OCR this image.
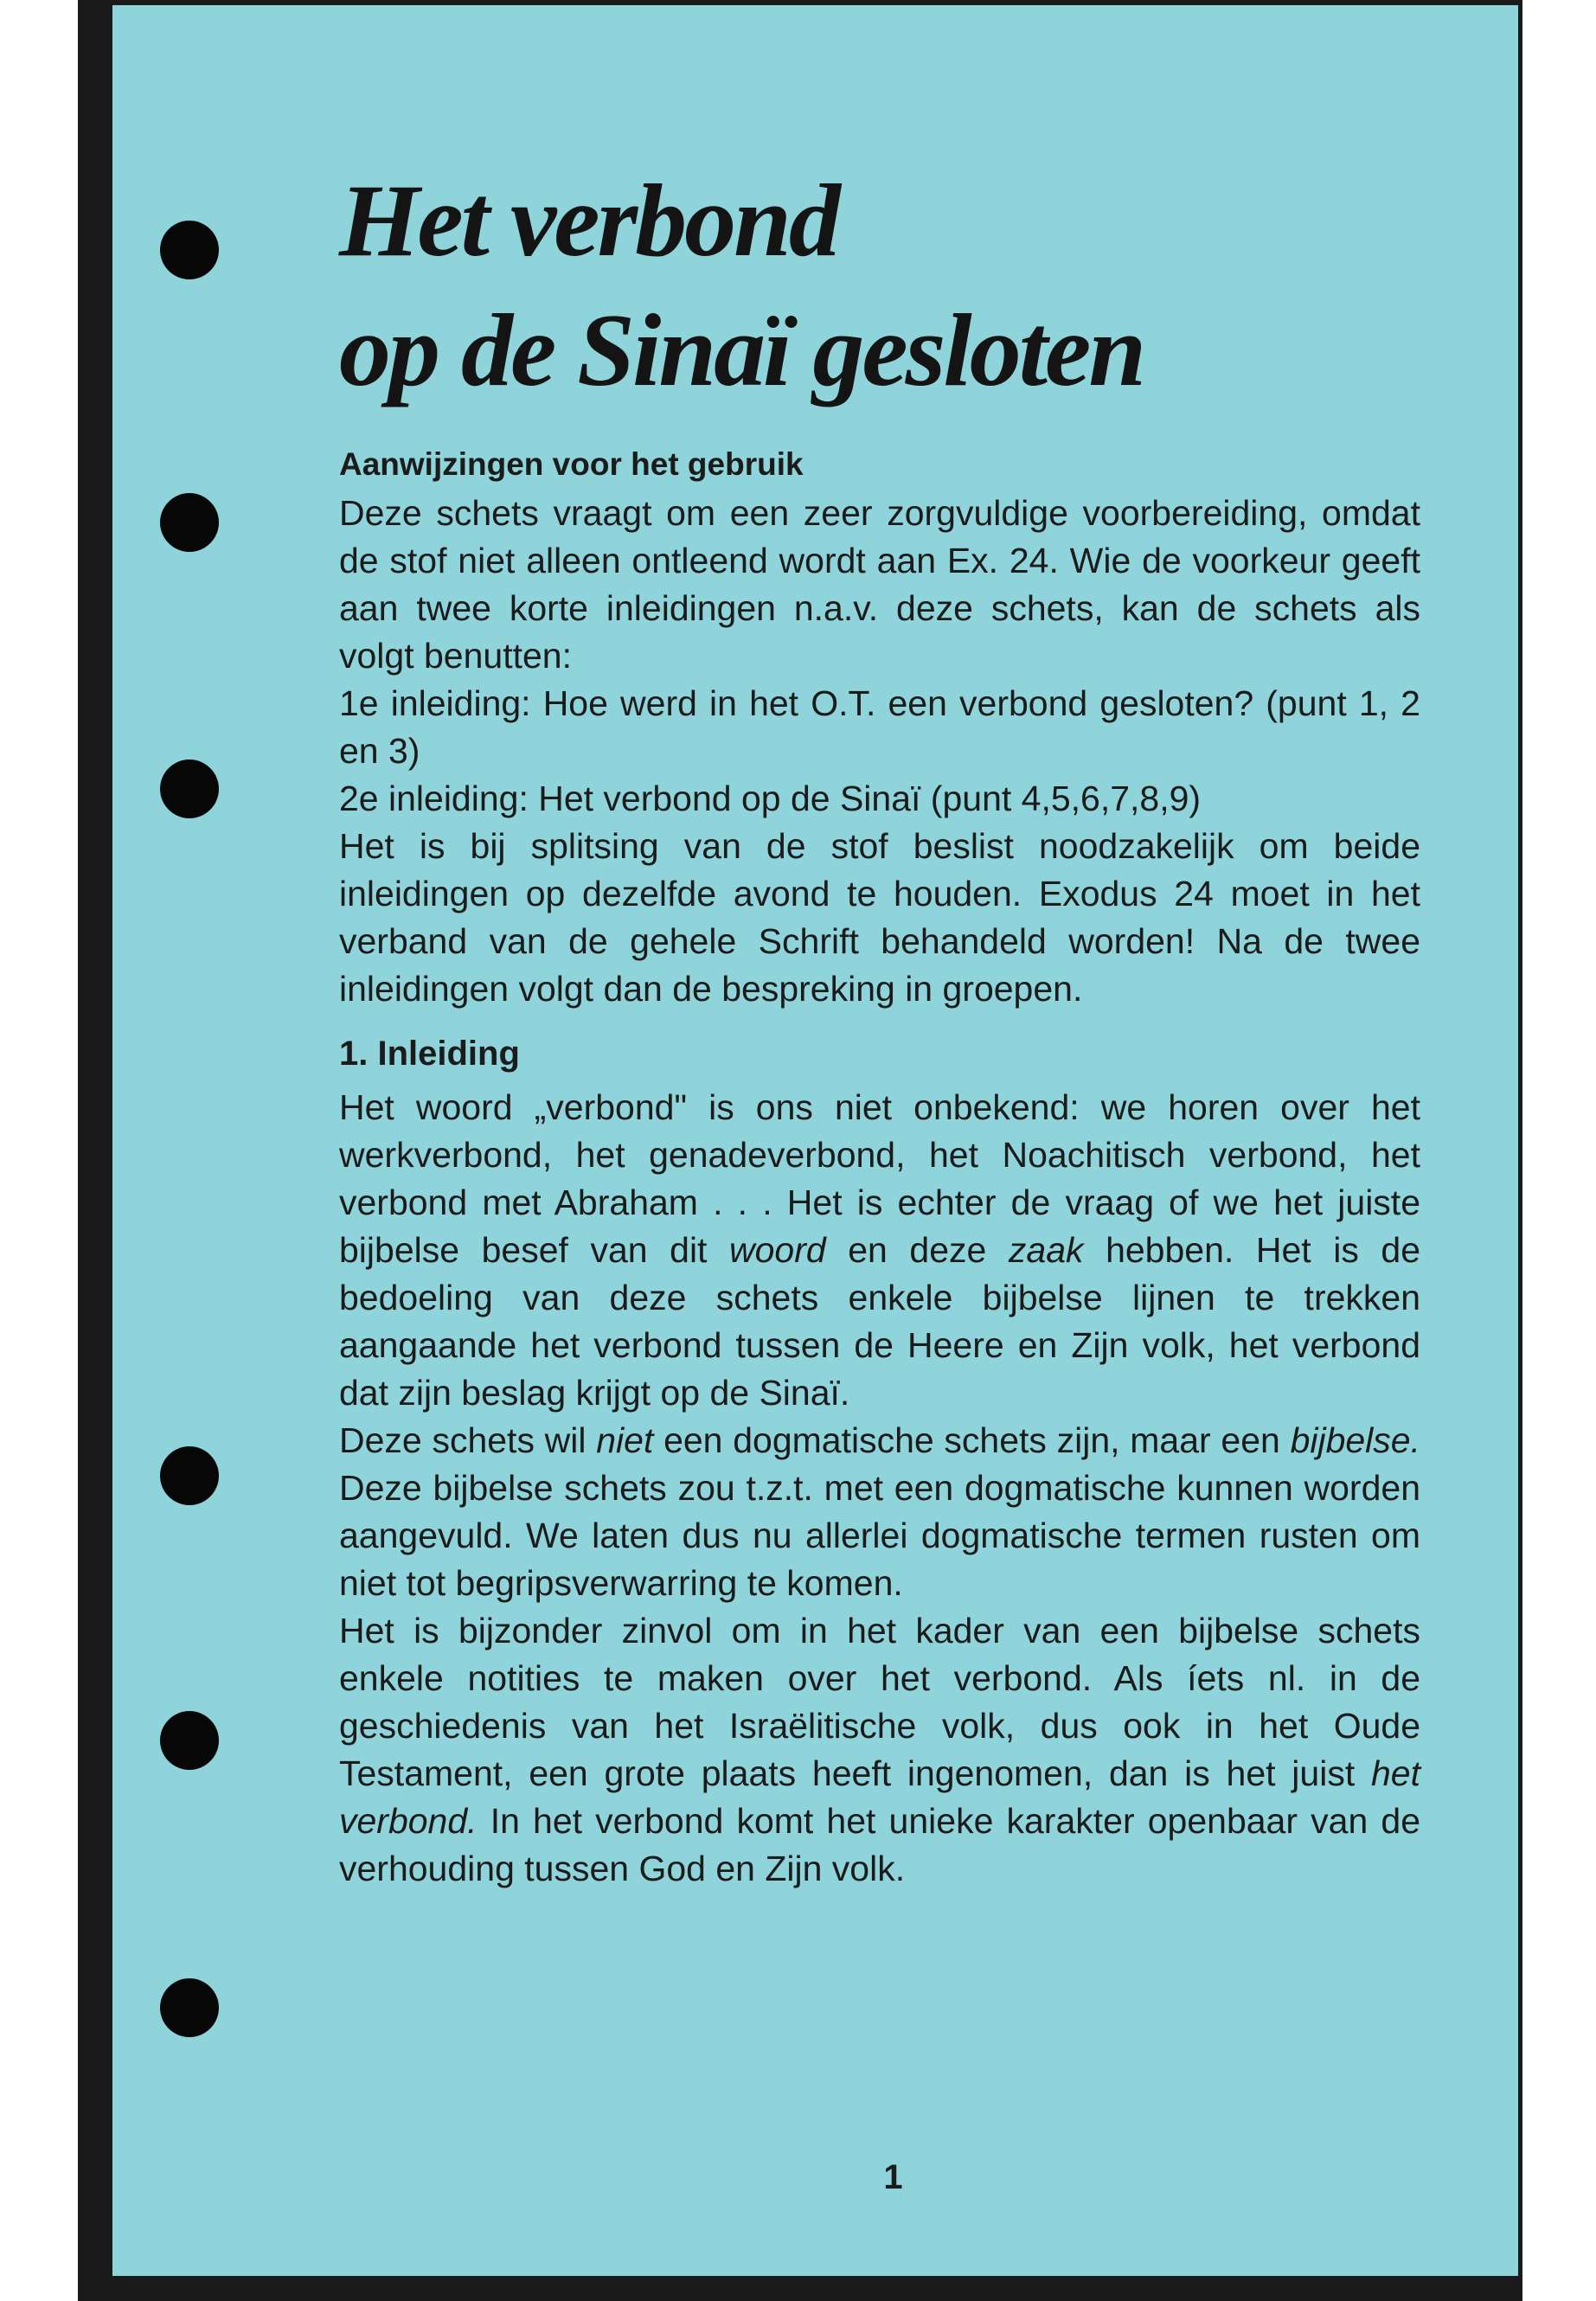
Het verbond
op de Sinaï gesloten
Aanwijzingen voor het gebruik

Deze schets vraagt om een zeer zorgvuldige voorbereiding, omdat de stof niet alleen ontleend wordt aan Ex. 24. Wie de voorkeur geeft aan twee korte inleidingen n.a.v. deze schets, kan de schets als volgt benutten:

1e inleiding: Hoe werd in het O.T. een verbond gesloten? (punt 1, 2 en 3)

2e inleiding: Het verbond op de Sinaï (punt 4,5,6,7,8,9)

Het is bij splitsing van de stof beslist noodzakelijk om beide inleidingen op dezelfde avond te houden. Exodus 24 moet in het verband van de gehele Schrift behandeld worden! Na de twee inleidingen volgt dan de bespreking in groepen.

1. Inleiding

Het woord „verbond" is ons niet onbekend: we horen over het werkverbond, het genadeverbond, het Noachitisch verbond, het verbond met Abraham . . . Het is echter de vraag of we het juiste bijbelse besef van dit woord en deze zaak hebben. Het is de bedoeling van deze schets enkele bijbelse lijnen te trekken aangaande het verbond tussen de Heere en Zijn volk, het verbond dat zijn beslag krijgt op de Sinaï.

Deze schets wil niet een dogmatische schets zijn, maar een bijbelse. Deze bijbelse schets zou t.z.t. met een dogmatische kunnen worden aangevuld. We laten dus nu allerlei dogmatische termen rusten om niet tot begripsverwarring te komen.

Het is bijzonder zinvol om in het kader van een bijbelse schets enkele notities te maken over het verbond. Als íets nl. in de geschiedenis van het Israëlitische volk, dus ook in het Oude Testament, een grote plaats heeft ingenomen, dan is het juist het verbond. In het verbond komt het unieke karakter openbaar van de verhouding tussen God en Zijn volk.

1
